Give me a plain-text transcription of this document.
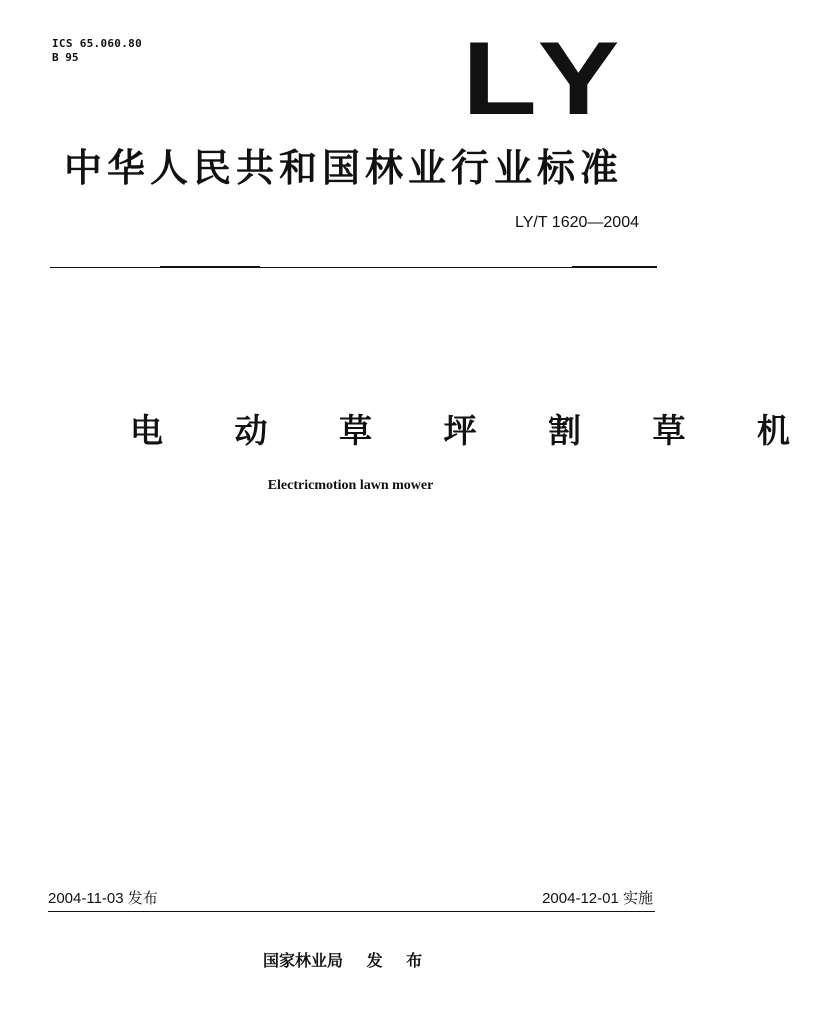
ICS 65.060.80
B 95	LY
中华人民共和国林业行业标准
LY/T 1620—2004
电 动 草 坪 割 草 机
Electricmotion lawn mower
2004-11-03 发布	2004-12-01 实施
国家林业局 发 布
